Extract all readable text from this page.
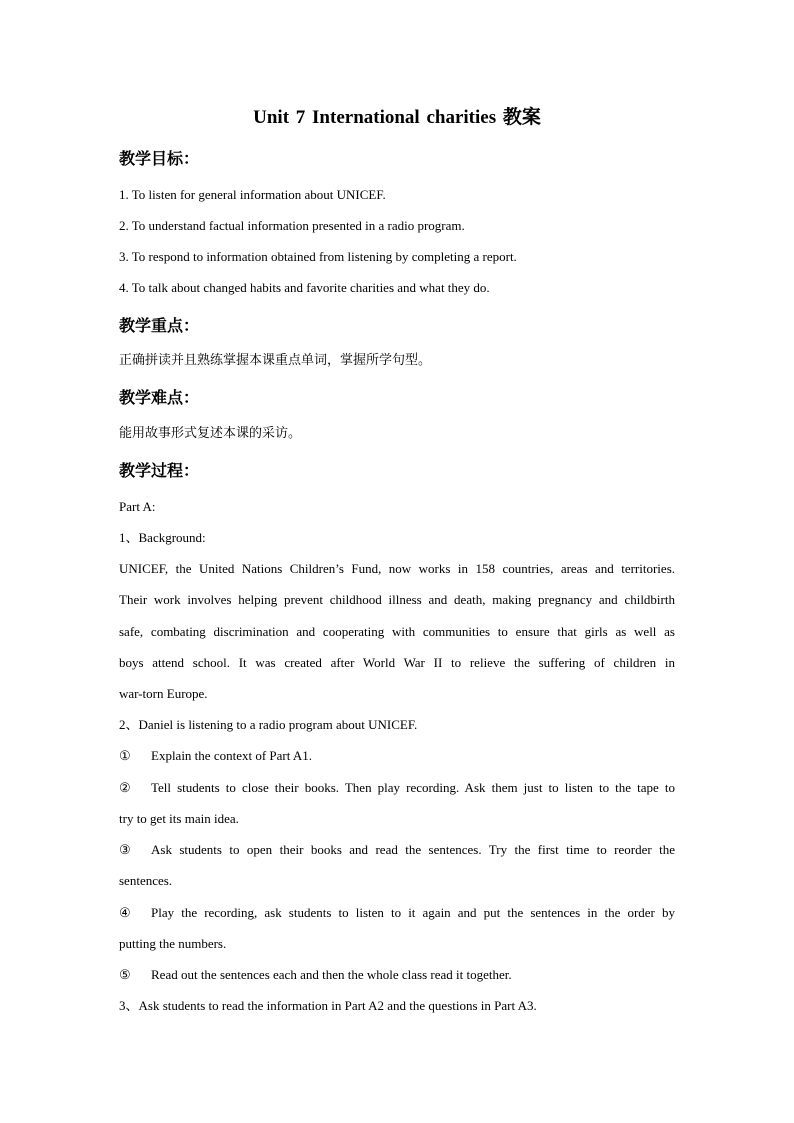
Unit 7 International charities 教案
教学目标：
1. To listen for general information about UNICEF.
2. To understand factual information presented in a radio program.
3. To respond to information obtained from listening by completing a report.
4. To talk about changed habits and favorite charities and what they do.
教学重点：
正确拼读并且熟练掌握本课重点单词，掌握所学句型。
教学难点：
能用故事形式复述本课的采访。
教学过程：
Part A:
1、Background:
UNICEF, the United Nations Children’s Fund, now works in 158 countries, areas and territories.
Their work involves helping prevent childhood illness and death, making pregnancy and childbirth
safe, combating discrimination and cooperating with communities to ensure that girls as well as
boys attend school. It was created after World War II to relieve the suffering of children in
war-torn Europe.
2、Daniel is listening to a radio program about UNICEF.
① Explain the context of Part A1.
②	Tell students to close their books. Then play recording. Ask them just to listen to the tape to
try to get its main idea.
③	Ask students to open their books and read the sentences. Try the first time to reorder the
sentences.
④	Play the recording, ask students to listen to it again and put the sentences in the order by
putting the numbers.
⑤ Read out the sentences each and then the whole class read it together.
3、Ask students to read the information in Part A2 and the questions in Part A3.
